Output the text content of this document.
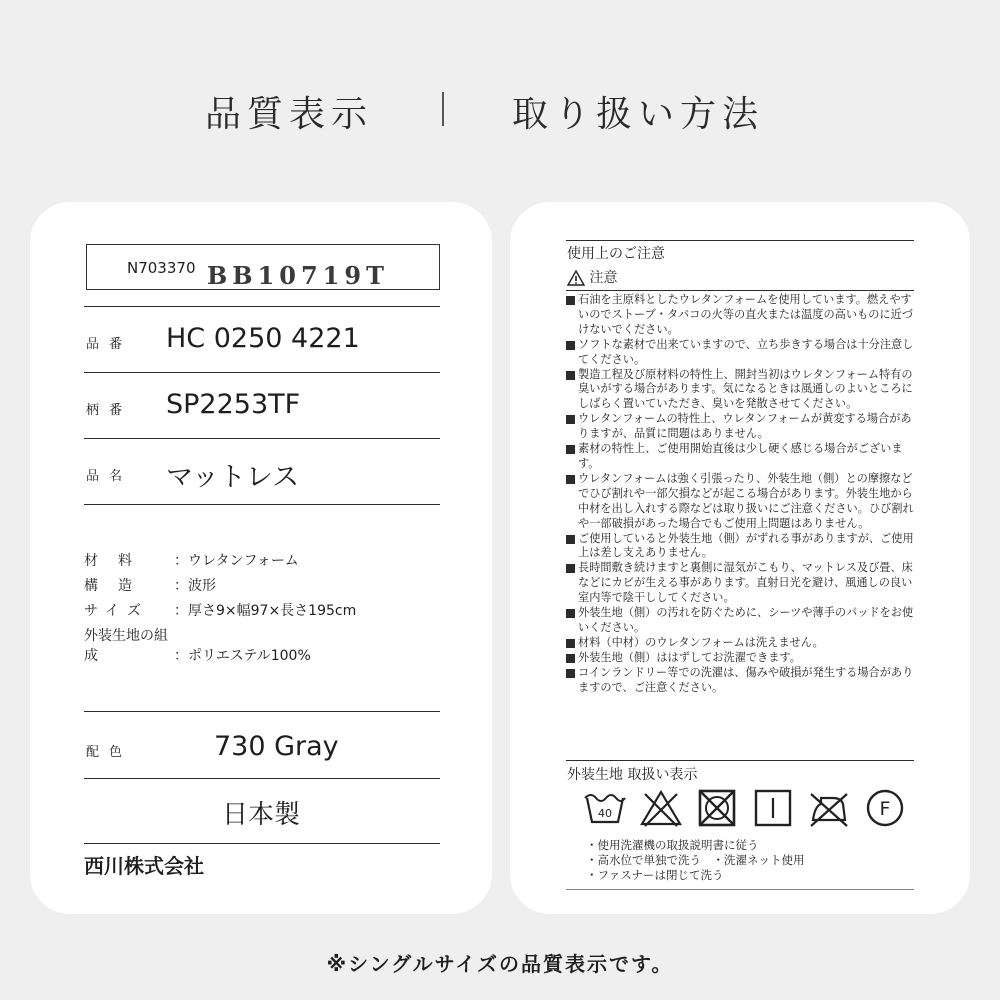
品質表示	取り扱い方法
N703370 BB10719T
品番 HC 0250 4221
柄番 SP2253TF
品名 マットレス
材料 ：ウレタンフォーム
構造 ：波形
サイズ ：厚さ9×幅97×長さ195cm
外装生地の組成	：ポリエステル100%
配色	730 Gray
日本製
西川株式会社
使用上のご注意
注意
石油を主原料としたウレタンフォームを使用しています。燃えやすいのでストーブ・タバコの火等の直火または温度の高いものに近づけないでください。
ソフトな素材で出来ていますので、立ち歩きする場合は十分注意してください。
製造工程及び原材料の特性上、開封当初はウレタンフォーム特有の臭いがする場合があります。気になるときは風通しのよいところにしばらく置いていただき、臭いを発散させてください。
ウレタンフォームの特性上、ウレタンフォームが黄変する場合がありますが、品質に問題はありません。
素材の特性上、ご使用開始直後は少し硬く感じる場合がございます。
ウレタンフォームは強く引張ったり、外装生地（側）との摩擦などでひび割れや一部欠損などが起こる場合があります。外装生地から中材を出し入れする際などは取り扱いにご注意ください。ひび割れや一部破損があった場合でもご使用上問題はありません。
ご使用していると外装生地（側）がずれる事がありますが、ご使用上は差し支えありません。
長時間敷き続けますと裏側に湿気がこもり、マットレス及び畳、床などにカビが生える事があります。直射日光を避け、風通しの良い室内等で陰干ししてください。
外装生地（側）の汚れを防ぐために、シーツや薄手のパッドをお使いください。
材料（中材）のウレタンフォームは洗えません。
外装生地（側）ははずしてお洗濯できます。
コインランドリー等での洗濯は、傷みや破損が発生する場合がありますので、ご注意ください。
外装生地 取扱い表示
40	F
・使用洗濯機の取扱説明書に従う
・高水位で単独で洗う　・洗濯ネット使用
・ファスナーは閉じて洗う
※シングルサイズの品質表示です。
